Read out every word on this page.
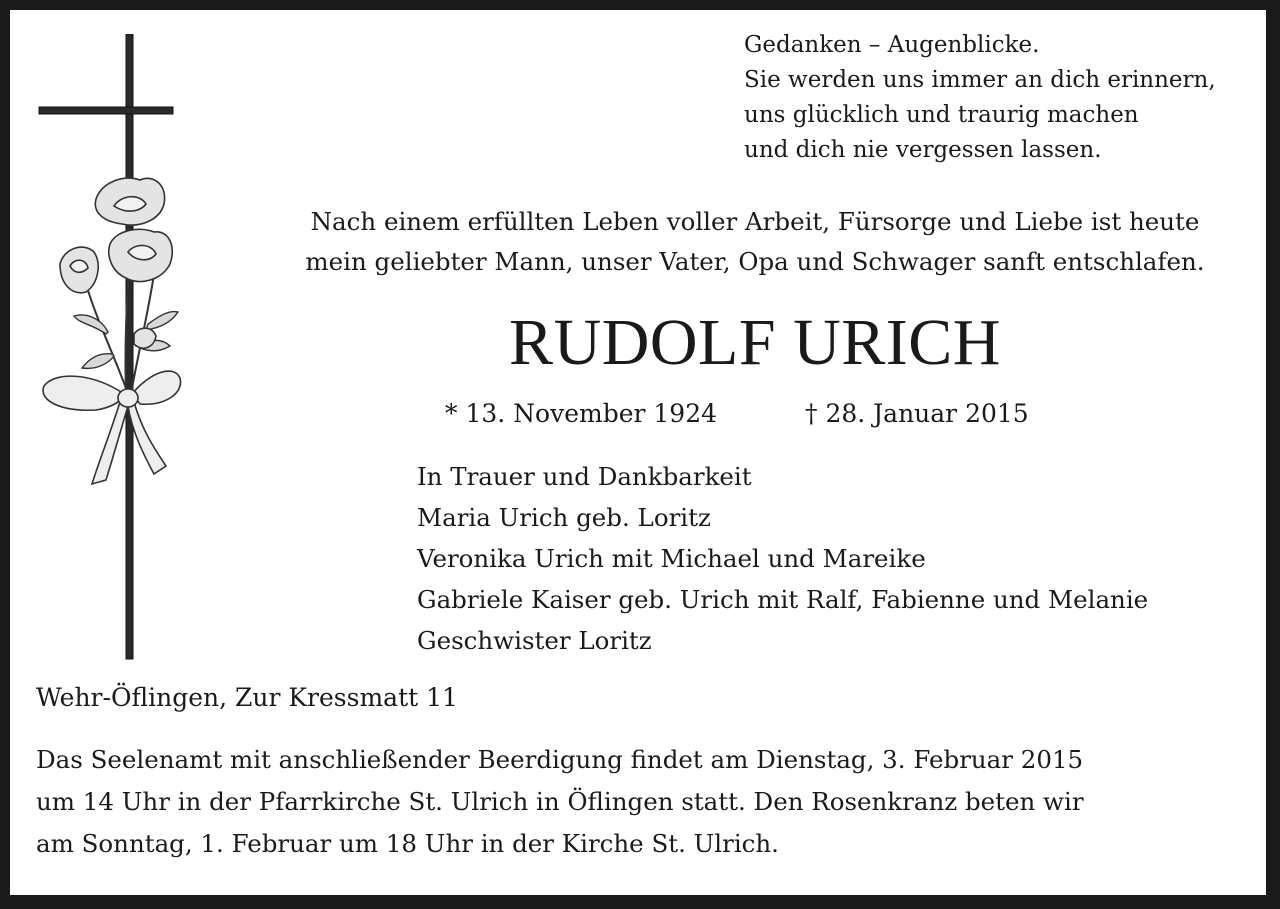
Gedanken – Augenblicke.
Sie werden uns immer an dich erinnern,
uns glücklich und traurig machen
und dich nie vergessen lassen.
Nach einem erfüllten Leben voller Arbeit, Fürsorge und Liebe ist heute
mein geliebter Mann, unser Vater, Opa und Schwager sanft entschlafen.
RUDOLF URICH
* 13. November 1924	† 28. Januar 2015
In Trauer und Dankbarkeit
Maria Urich geb. Loritz
Veronika Urich mit Michael und Mareike
Gabriele Kaiser geb. Urich mit Ralf, Fabienne und Melanie
Geschwister Loritz
Wehr-Öflingen, Zur Kressmatt 11
Das Seelenamt mit anschließender Beerdigung findet am Dienstag, 3. Februar 2015
um 14 Uhr in der Pfarrkirche St. Ulrich in Öflingen statt. Den Rosenkranz beten wir
am Sonntag, 1. Februar um 18 Uhr in der Kirche St. Ulrich.
